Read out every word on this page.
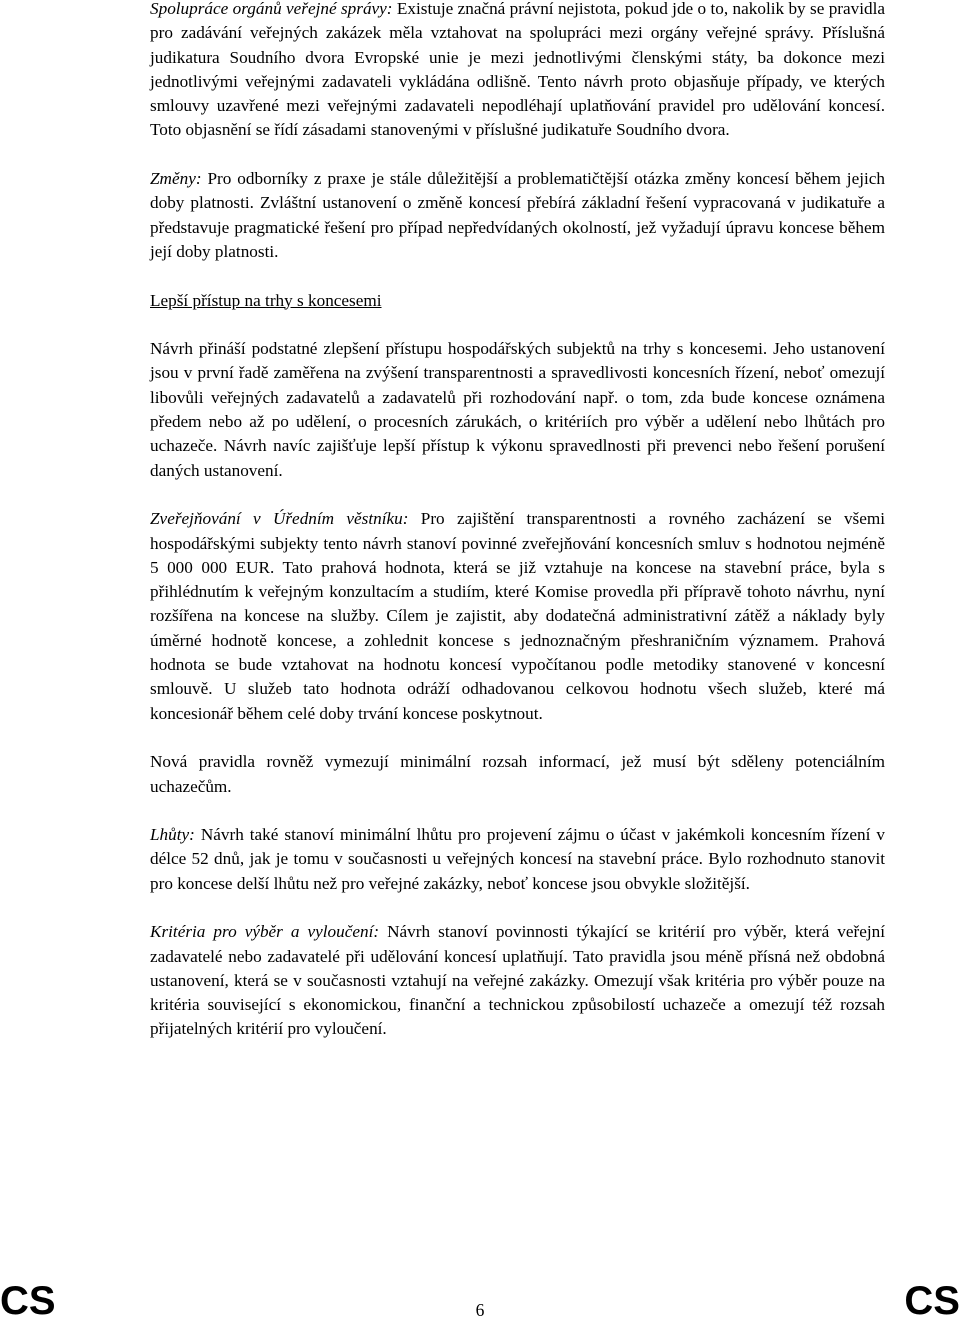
Spolupráce orgánů veřejné správy: Existuje značná právní nejistota, pokud jde o to, nakolik by se pravidla pro zadávání veřejných zakázek měla vztahovat na spolupráci mezi orgány veřejné správy. Příslušná judikatura Soudního dvora Evropské unie je mezi jednotlivými členskými státy, ba dokonce mezi jednotlivými veřejnými zadavateli vykládána odlišně. Tento návrh proto objasňuje případy, ve kterých smlouvy uzavřené mezi veřejnými zadavateli nepodléhají uplatňování pravidel pro udělování koncesí. Toto objasnění se řídí zásadami stanovenými v příslušné judikatuře Soudního dvora.

Změny: Pro odborníky z praxe je stále důležitější a problematičtější otázka změny koncesí během jejich doby platnosti. Zvláštní ustanovení o změně koncesí přebírá základní řešení vypracovaná v judikatuře a představuje pragmatické řešení pro případ nepředvídaných okolností, jež vyžadují úpravu koncese během její doby platnosti.

Lepší přístup na trhy s koncesemi

Návrh přináší podstatné zlepšení přístupu hospodářských subjektů na trhy s koncesemi. Jeho ustanovení jsou v první řadě zaměřena na zvýšení transparentnosti a spravedlivosti koncesních řízení, neboť omezují libovůli veřejných zadavatelů a zadavatelů při rozhodování např. o tom, zda bude koncese oznámena předem nebo až po udělení, o procesních zárukách, o kritériích pro výběr a udělení nebo lhůtách pro uchazeče. Návrh navíc zajišťuje lepší přístup k výkonu spravedlnosti při prevenci nebo řešení porušení daných ustanovení.

Zveřejňování v Úředním věstníku: Pro zajištění transparentnosti a rovného zacházení se všemi hospodářskými subjekty tento návrh stanoví povinné zveřejňování koncesních smluv s hodnotou nejméně 5 000 000 EUR. Tato prahová hodnota, která se již vztahuje na koncese na stavební práce, byla s přihlédnutím k veřejným konzultacím a studiím, které Komise provedla při přípravě tohoto návrhu, nyní rozšířena na koncese na služby. Cílem je zajistit, aby dodatečná administrativní zátěž a náklady byly úměrné hodnotě koncese, a zohlednit koncese s jednoznačným přeshraničním významem. Prahová hodnota se bude vztahovat na hodnotu koncesí vypočítanou podle metodiky stanovené v koncesní smlouvě. U služeb tato hodnota odráží odhadovanou celkovou hodnotu všech služeb, které má koncesionář během celé doby trvání koncese poskytnout.

Nová pravidla rovněž vymezují minimální rozsah informací, jež musí být sděleny potenciálním uchazečům.

Lhůty: Návrh také stanoví minimální lhůtu pro projevení zájmu o účast v jakémkoli koncesním řízení v délce 52 dnů, jak je tomu v současnosti u veřejných koncesí na stavební práce. Bylo rozhodnuto stanovit pro koncese delší lhůtu než pro veřejné zakázky, neboť koncese jsou obvykle složitější.

Kritéria pro výběr a vyloučení: Návrh stanoví povinnosti týkající se kritérií pro výběr, která veřejní zadavatelé nebo zadavatelé při udělování koncesí uplatňují. Tato pravidla jsou méně přísná než obdobná ustanovení, která se v současnosti vztahují na veřejné zakázky. Omezují však kritéria pro výběr pouze na kritéria související s ekonomickou, finanční a technickou způsobilostí uchazeče a omezují též rozsah přijatelných kritérií pro vyloučení.

CS	6	CS
